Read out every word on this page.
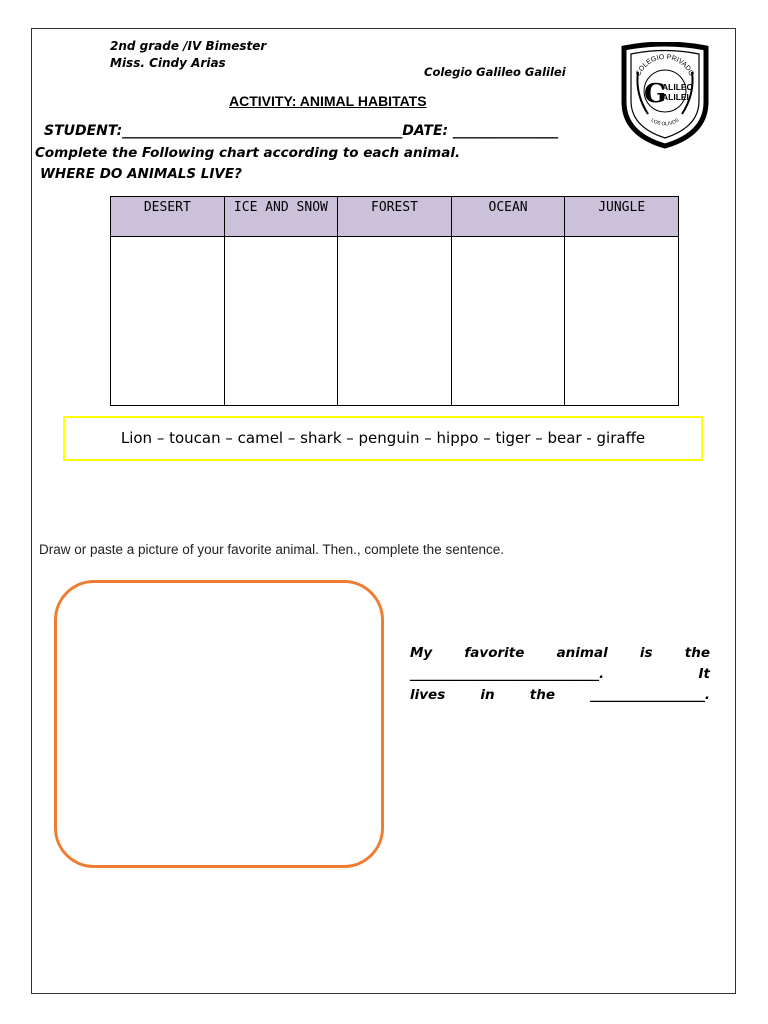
2nd grade /IV Bimester
Miss. Cindy Arias
Colegio Galileo Galilei
ACTIVITY: ANIMAL HABITATS
COLEGIO PRIVADO
G
ALILEO
ALILEI
LOS OLIVOS
STUDENT:________________________________________DATE: _______________
Complete the Following chart according to each animal.
WHERE DO ANIMALS LIVE?
DESERT	ICE AND SNOW	FOREST	OCEAN	JUNGLE

Lion – toucan – camel – shark – penguin – hippo – tiger – bear - giraffe
Draw or paste a picture of your favorite animal. Then., complete the sentence.
My favorite animal is the
____________________________.	It
lives	in	the	_________________.
